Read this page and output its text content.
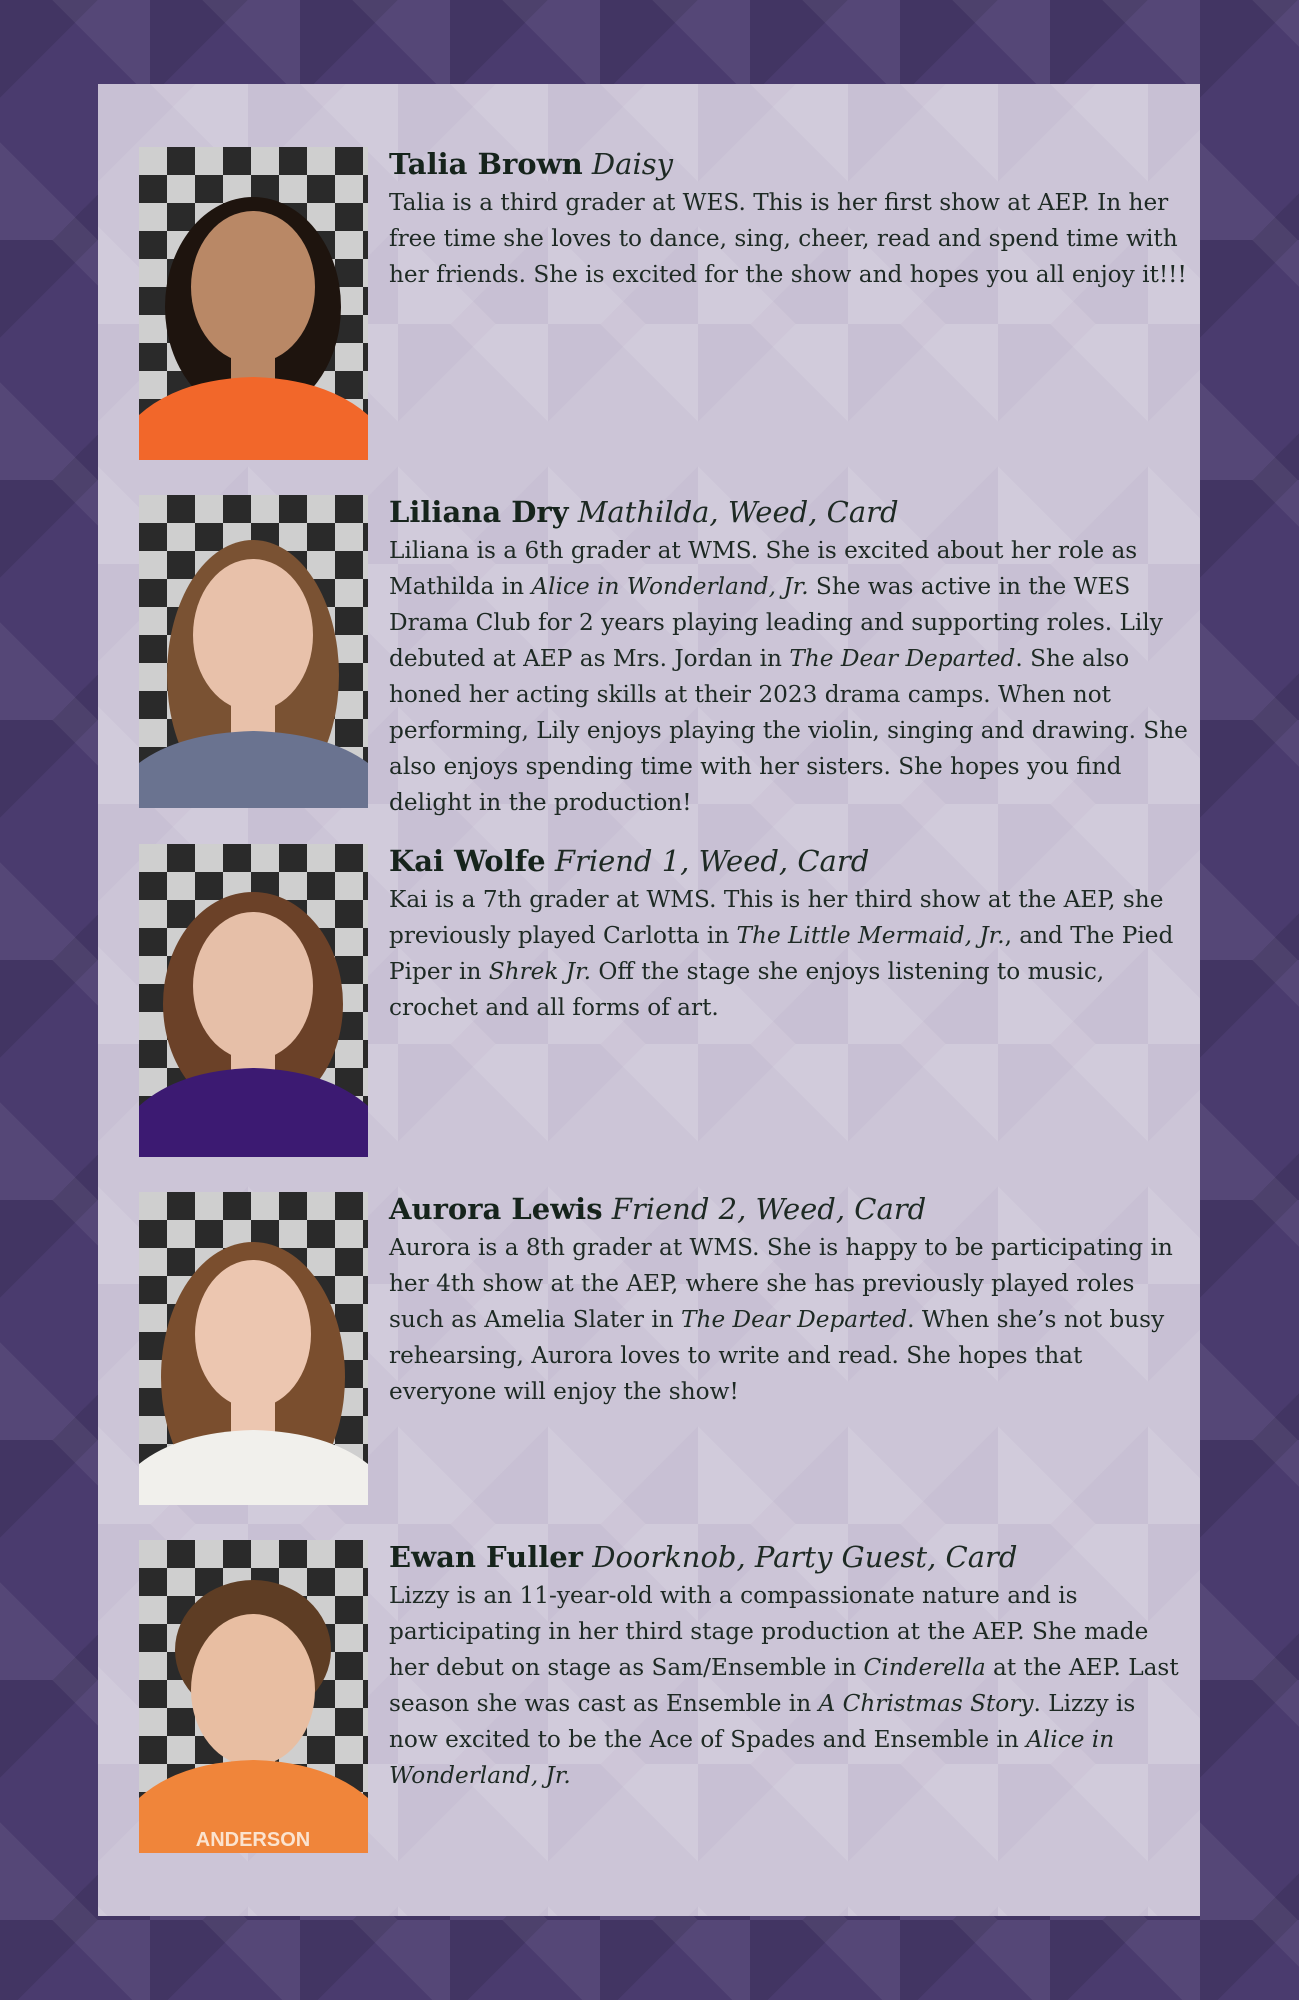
Talia Brown Daisy

Talia is a third grader at WES. This is her first show at AEP. In her free time she loves to dance, sing, cheer, read and spend time with her friends. She is excited for the show and hopes you all enjoy it!!!

Liliana Dry Mathilda, Weed, Card

Liliana is a 6th grader at WMS. She is excited about her role as Mathilda in Alice in Wonderland, Jr. She was active in the WES Drama Club for 2 years playing leading and supporting roles. Lily debuted at AEP as Mrs. Jordan in The Dear Departed. She also honed her acting skills at their 2023 drama camps. When not performing, Lily enjoys playing the violin, singing and drawing. She also enjoys spending time with her sisters. She hopes you find delight in the production!

Kai Wolfe Friend 1, Weed, Card

Kai is a 7th grader at WMS. This is her third show at the AEP, she previously played Carlotta in The Little Mermaid, Jr., and The Pied Piper in Shrek Jr. Off the stage she enjoys listening to music, crochet and all forms of art.

Aurora Lewis Friend 2, Weed, Card

Aurora is a 8th grader at WMS. She is happy to be participating in her 4th show at the AEP, where she has previously played roles such as Amelia Slater in The Dear Departed. When she’s not busy rehearsing, Aurora loves to write and read. She hopes that everyone will enjoy the show!

ANDERSON
Ewan Fuller Doorknob, Party Guest, Card

Lizzy is an 11-year-old with a compassionate nature and is participating in her third stage production at the AEP. She made her debut on stage as Sam/Ensemble in Cinderella at the AEP. Last season she was cast as Ensemble in A Christmas Story. Lizzy is now excited to be the Ace of Spades and Ensemble in Alice in Wonderland, Jr.
